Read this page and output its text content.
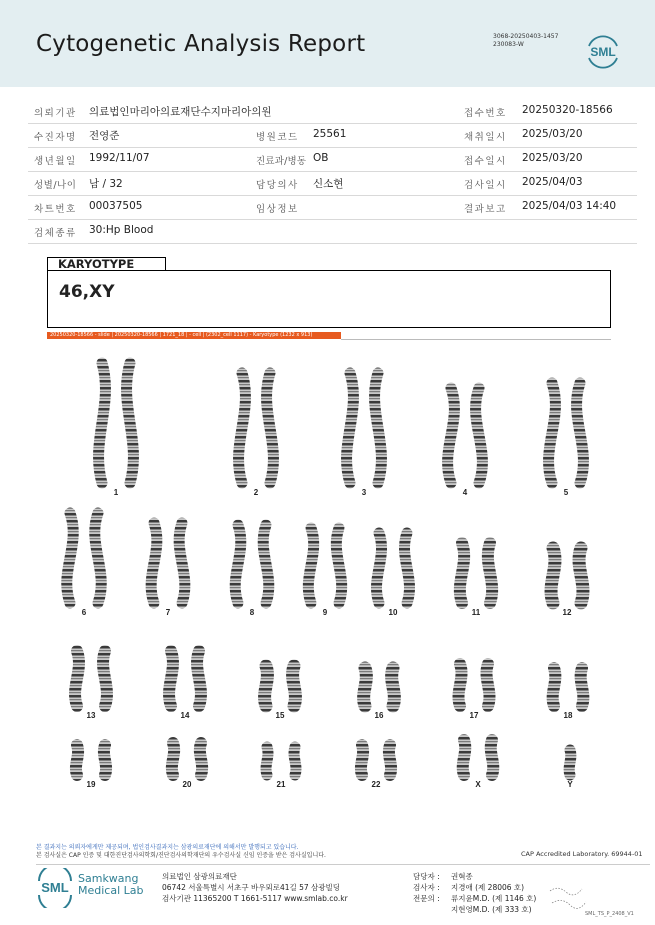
Cytogenetic Analysis Report	3068-20250403-1457
230083-W
SML
의뢰기관 의료법인마리아의료재단수지마리아의원	접수번호 20250320-18566
수진자명 전영준	병원코드 25561	채취일시 2025/03/20
생년월일 1992/11/07	진료과/병동 OB	접수일시 2025/03/20
성별/나이 남 / 32	담당의사 신소현	검사일시 2025/04/03
차트번호 00037505	임상정보	결과보고 2025/04/03 14:40
검체종류 30:Hp Blood
KARYOTYPE
46,XY
20250320-18566 - slide | 20250320-18566 | 1721_18 | - cell | (2302_cell 1117) - Karyotype (1232 x 913)
1	2	3	4	5
6	7	8	9	10	11	12
13	14	15	16	17	18
19	20	21	22	X	Y
본 결과지는 의뢰자에게만 제공되며, 법인검사결과지는 삼광의료재단에 의해서만 발행되고 있습니다.
본 검사실은 CAP 인증 및 대한진단검사의학회/진단검사의학재단의 우수검사실 신임 인증을 받은 검사실입니다.	CAP Accredited Laboratory. 69944-01
SML
Samkwang
Medical Lab
의료법인 삼광의료재단
06742 서울특별시 서초구 바우뫼로41길 57 삼광빌딩
검사기관 11365200 T 1661-5117 www.smlab.co.kr
담당자 : 권혁종
검사자 : 지경애 (제 28006 호)
전문의 : 류지윤M.D. (제 1146 호)
지현영M.D. (제 333 호)	SML_TS_P_2408_V1
